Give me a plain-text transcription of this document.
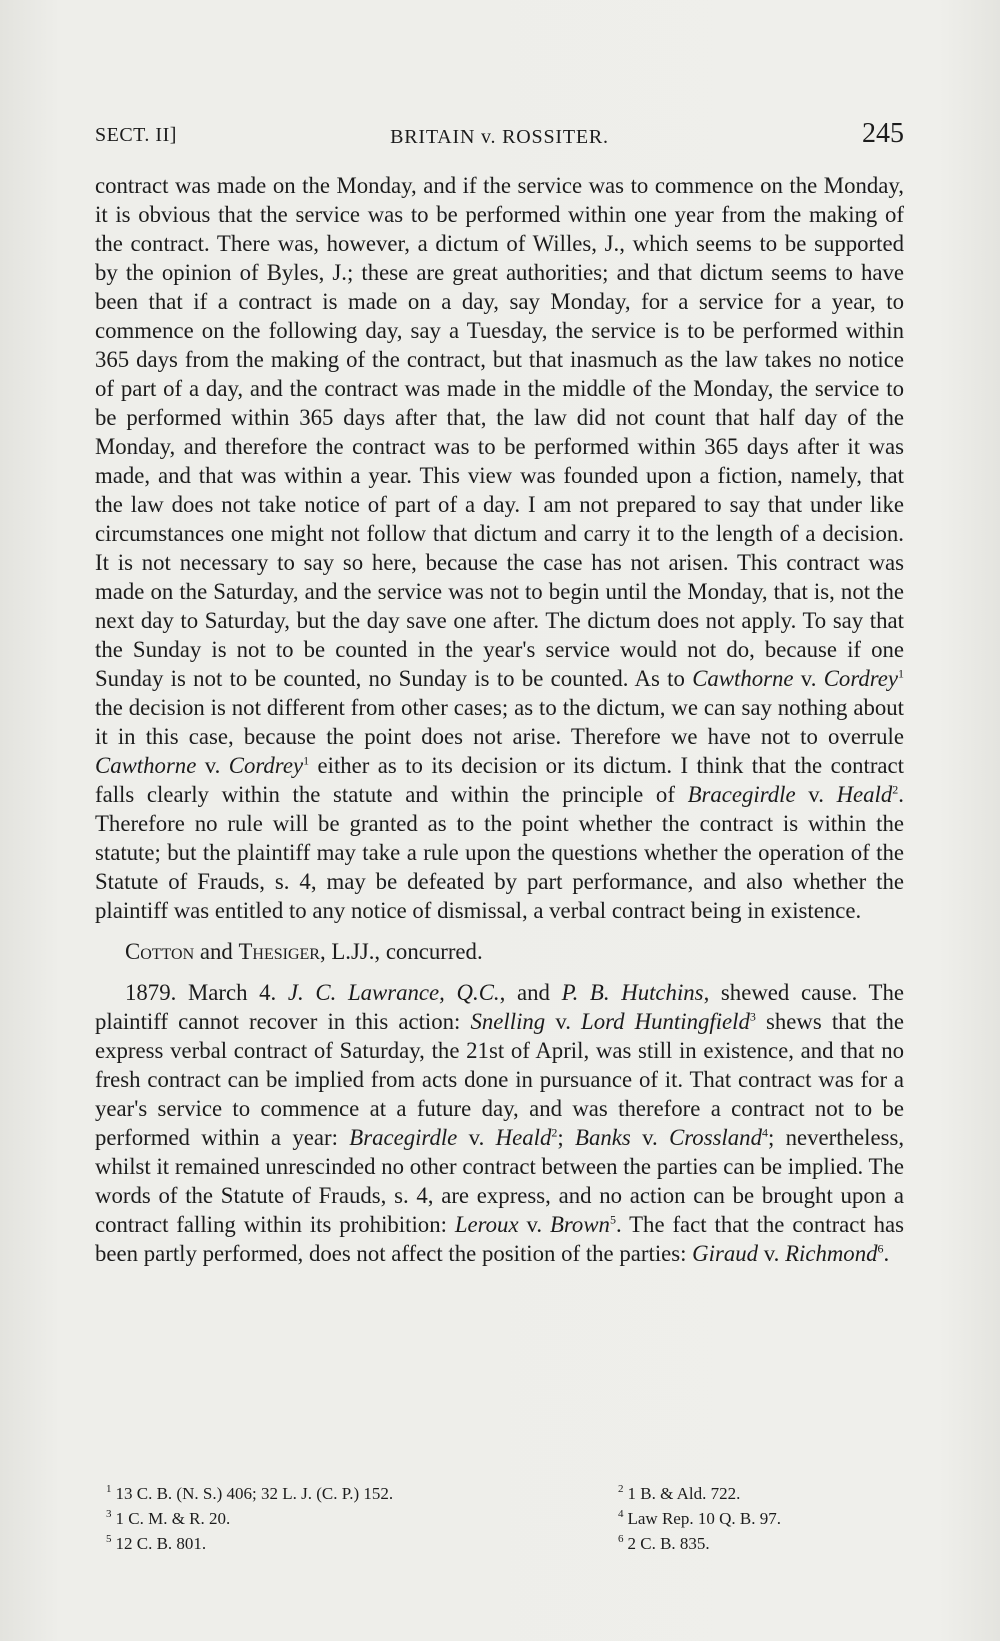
SECT. II]	BRITAIN v. ROSSITER.	245

contract was made on the Monday, and if the service was to commence on the Monday, it is obvious that the service was to be performed within one year from the making of the contract. There was, however, a dictum of Willes, J., which seems to be supported by the opinion of Byles, J.; these are great authorities; and that dictum seems to have been that if a contract is made on a day, say Monday, for a service for a year, to commence on the following day, say a Tuesday, the service is to be performed within 365 days from the making of the contract, but that inasmuch as the law takes no notice of part of a day, and the contract was made in the middle of the Monday, the service to be performed within 365 days after that, the law did not count that half day of the Monday, and therefore the contract was to be performed within 365 days after it was made, and that was within a year. This view was founded upon a fiction, namely, that the law does not take notice of part of a day. I am not prepared to say that under like circumstances one might not follow that dictum and carry it to the length of a decision. It is not necessary to say so here, because the case has not arisen. This contract was made on the Saturday, and the service was not to begin until the Monday, that is, not the next day to Saturday, but the day save one after. The dictum does not apply. To say that the Sunday is not to be counted in the year's service would not do, because if one Sunday is not to be counted, no Sunday is to be counted. As to Cawthorne v. Cordrey$^1$ the decision is not different from other cases; as to the dictum, we can say nothing about it in this case, because the point does not arise. Therefore we have not to overrule Cawthorne v. Cordrey$^1$ either as to its decision or its dictum. I think that the contract falls clearly within the statute and within the principle of Bracegirdle v. Heald$^2$. Therefore no rule will be granted as to the point whether the contract is within the statute; but the plaintiff may take a rule upon the questions whether the operation of the Statute of Frauds, s. 4, may be defeated by part performance, and also whether the plaintiff was entitled to any notice of dismissal, a verbal contract being in existence.

Cotton and Thesiger, L.JJ., concurred.

1879. March 4. J. C. Lawrance, Q.C., and P. B. Hutchins, shewed cause. The plaintiff cannot recover in this action: Snelling v. Lord Huntingfield$^3$ shews that the express verbal contract of Saturday, the 21st of April, was still in existence, and that no fresh contract can be implied from acts done in pursuance of it. That contract was for a year's service to commence at a future day, and was therefore a contract not to be performed within a year: Bracegirdle v. Heald$^2$; Banks v. Crossland$^4$; nevertheless, whilst it remained unrescinded no other contract between the parties can be implied. The words of the Statute of Frauds, s. 4, are express, and no action can be brought upon a contract falling within its prohibition: Leroux v. Brown$^5$. The fact that the contract has been partly performed, does not affect the position of the parties: Giraud v. Richmond$^6$.

$^1$ 13 C. B. (N. S.) 406; 32 L. J. (C. P.) 152.	$^2$ 1 B. & Ald. 722.
$^3$ 1 C. M. & R. 20.	$^4$ Law Rep. 10 Q. B. 97.
$^5$ 12 C. B. 801.	$^6$ 2 C. B. 835.
